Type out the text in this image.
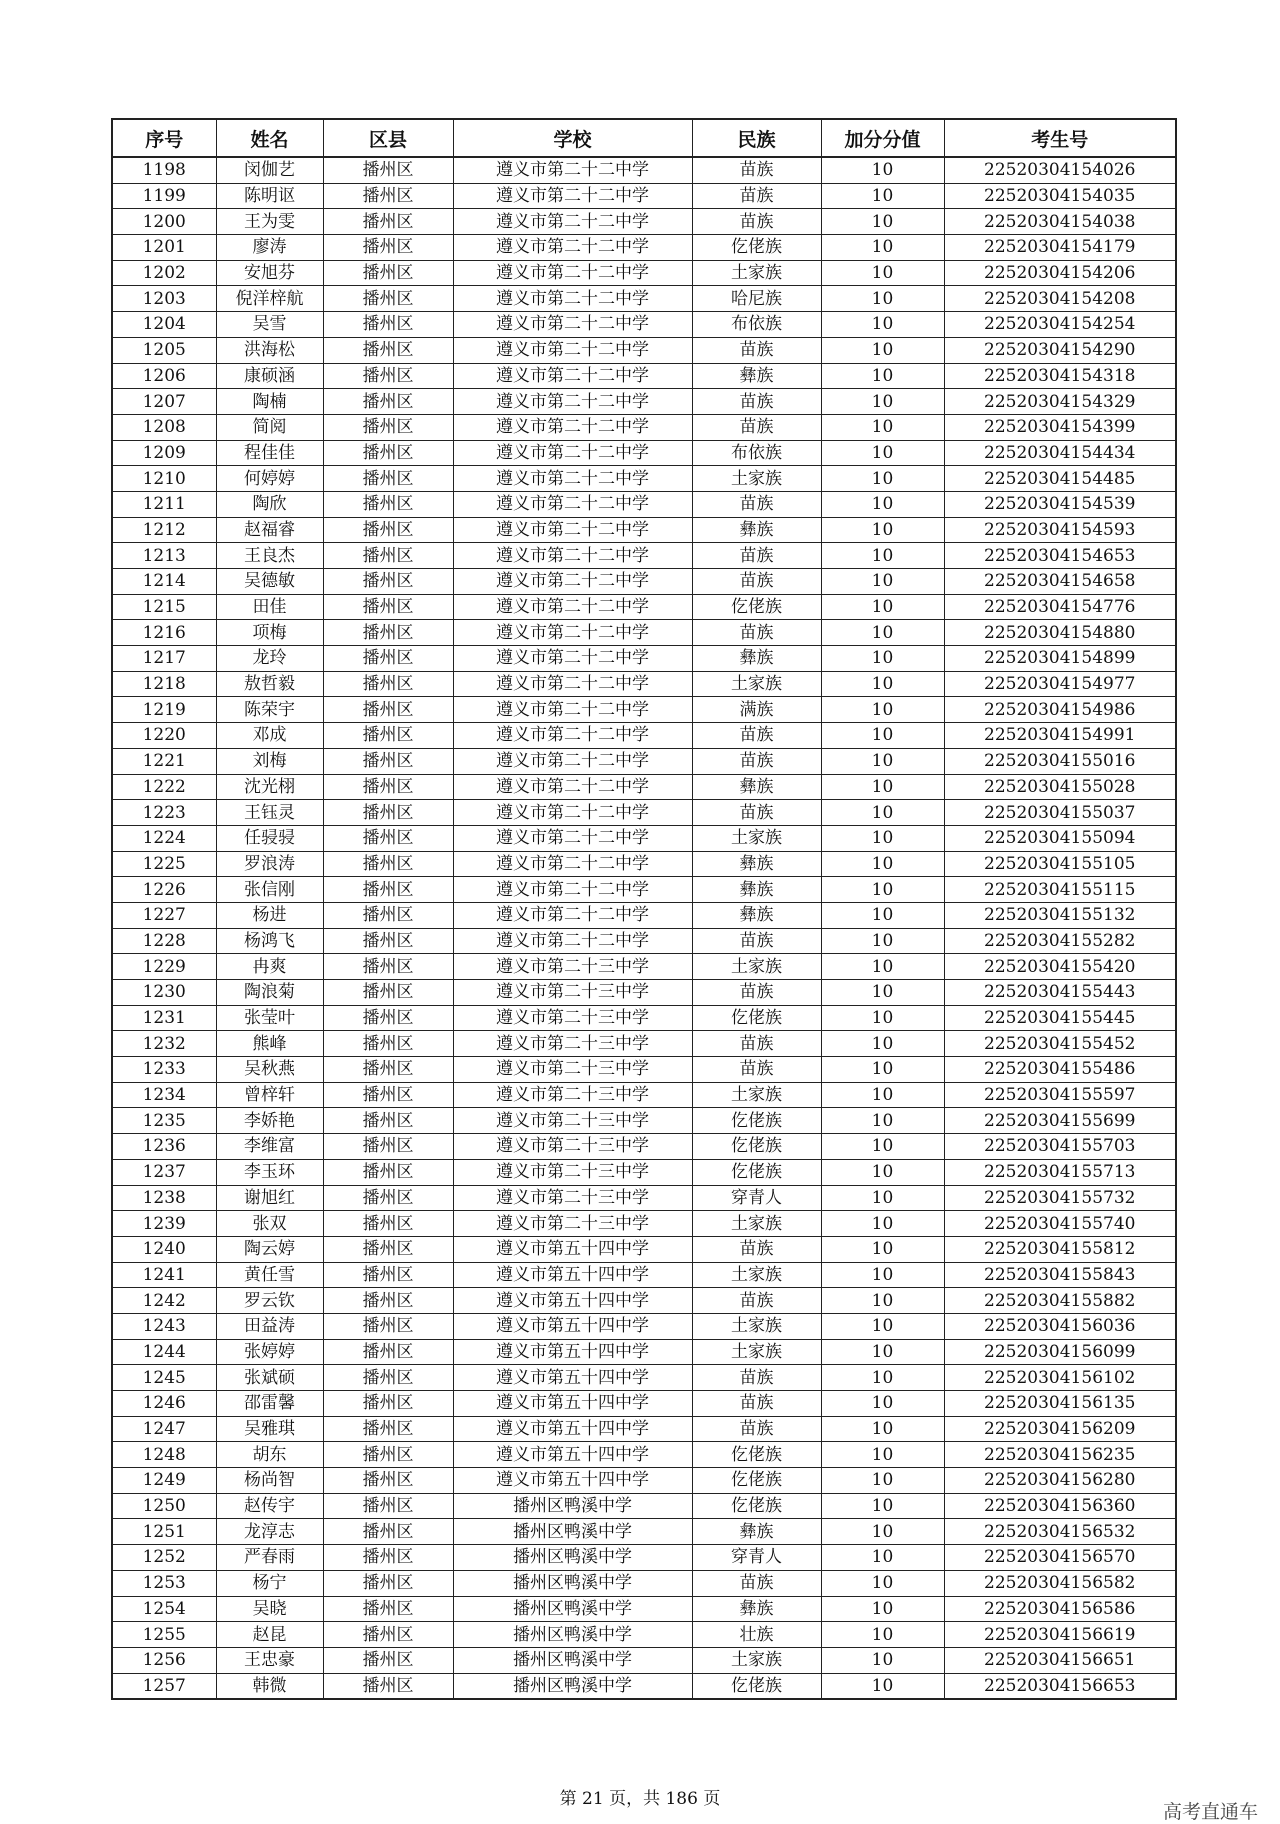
序号	姓名	区县	学校	民族	加分分值	考生号
1198	闵伽艺	播州区	遵义市第二十二中学	苗族	10	22520304154026
1199	陈明讴	播州区	遵义市第二十二中学	苗族	10	22520304154035
1200	王为雯	播州区	遵义市第二十二中学	苗族	10	22520304154038
1201	廖涛	播州区	遵义市第二十二中学	仡佬族	10	22520304154179
1202	安旭芬	播州区	遵义市第二十二中学	土家族	10	22520304154206
1203	倪洋梓航	播州区	遵义市第二十二中学	哈尼族	10	22520304154208
1204	吴雪	播州区	遵义市第二十二中学	布依族	10	22520304154254
1205	洪海松	播州区	遵义市第二十二中学	苗族	10	22520304154290
1206	康硕涵	播州区	遵义市第二十二中学	彝族	10	22520304154318
1207	陶楠	播州区	遵义市第二十二中学	苗族	10	22520304154329
1208	简阅	播州区	遵义市第二十二中学	苗族	10	22520304154399
1209	程佳佳	播州区	遵义市第二十二中学	布依族	10	22520304154434
1210	何婷婷	播州区	遵义市第二十二中学	土家族	10	22520304154485
1211	陶欣	播州区	遵义市第二十二中学	苗族	10	22520304154539
1212	赵福睿	播州区	遵义市第二十二中学	彝族	10	22520304154593
1213	王良杰	播州区	遵义市第二十二中学	苗族	10	22520304154653
1214	吴德敏	播州区	遵义市第二十二中学	苗族	10	22520304154658
1215	田佳	播州区	遵义市第二十二中学	仡佬族	10	22520304154776
1216	项梅	播州区	遵义市第二十二中学	苗族	10	22520304154880
1217	龙玲	播州区	遵义市第二十二中学	彝族	10	22520304154899
1218	敖哲毅	播州区	遵义市第二十二中学	土家族	10	22520304154977
1219	陈荣宇	播州区	遵义市第二十二中学	满族	10	22520304154986
1220	邓成	播州区	遵义市第二十二中学	苗族	10	22520304154991
1221	刘梅	播州区	遵义市第二十二中学	苗族	10	22520304155016
1222	沈光栩	播州区	遵义市第二十二中学	彝族	10	22520304155028
1223	王钰灵	播州区	遵义市第二十二中学	苗族	10	22520304155037
1224	任骎骎	播州区	遵义市第二十二中学	土家族	10	22520304155094
1225	罗浪涛	播州区	遵义市第二十二中学	彝族	10	22520304155105
1226	张信刚	播州区	遵义市第二十二中学	彝族	10	22520304155115
1227	杨进	播州区	遵义市第二十二中学	彝族	10	22520304155132
1228	杨鸿飞	播州区	遵义市第二十二中学	苗族	10	22520304155282
1229	冉爽	播州区	遵义市第二十三中学	土家族	10	22520304155420
1230	陶浪菊	播州区	遵义市第二十三中学	苗族	10	22520304155443
1231	张莹叶	播州区	遵义市第二十三中学	仡佬族	10	22520304155445
1232	熊峰	播州区	遵义市第二十三中学	苗族	10	22520304155452
1233	吴秋燕	播州区	遵义市第二十三中学	苗族	10	22520304155486
1234	曾梓轩	播州区	遵义市第二十三中学	土家族	10	22520304155597
1235	李娇艳	播州区	遵义市第二十三中学	仡佬族	10	22520304155699
1236	李维富	播州区	遵义市第二十三中学	仡佬族	10	22520304155703
1237	李玉环	播州区	遵义市第二十三中学	仡佬族	10	22520304155713
1238	谢旭红	播州区	遵义市第二十三中学	穿青人	10	22520304155732
1239	张双	播州区	遵义市第二十三中学	土家族	10	22520304155740
1240	陶云婷	播州区	遵义市第五十四中学	苗族	10	22520304155812
1241	黄任雪	播州区	遵义市第五十四中学	土家族	10	22520304155843
1242	罗云钦	播州区	遵义市第五十四中学	苗族	10	22520304155882
1243	田益涛	播州区	遵义市第五十四中学	土家族	10	22520304156036
1244	张婷婷	播州区	遵义市第五十四中学	土家族	10	22520304156099
1245	张斌硕	播州区	遵义市第五十四中学	苗族	10	22520304156102
1246	邵雷馨	播州区	遵义市第五十四中学	苗族	10	22520304156135
1247	吴雅琪	播州区	遵义市第五十四中学	苗族	10	22520304156209
1248	胡东	播州区	遵义市第五十四中学	仡佬族	10	22520304156235
1249	杨尚智	播州区	遵义市第五十四中学	仡佬族	10	22520304156280
1250	赵传宇	播州区	播州区鸭溪中学	仡佬族	10	22520304156360
1251	龙淳志	播州区	播州区鸭溪中学	彝族	10	22520304156532
1252	严春雨	播州区	播州区鸭溪中学	穿青人	10	22520304156570
1253	杨宁	播州区	播州区鸭溪中学	苗族	10	22520304156582
1254	吴晓	播州区	播州区鸭溪中学	彝族	10	22520304156586
1255	赵昆	播州区	播州区鸭溪中学	壮族	10	22520304156619
1256	王忠豪	播州区	播州区鸭溪中学	土家族	10	22520304156651
1257	韩微	播州区	播州区鸭溪中学	仡佬族	10	22520304156653
第 21 页，共 186 页
高考直通车
